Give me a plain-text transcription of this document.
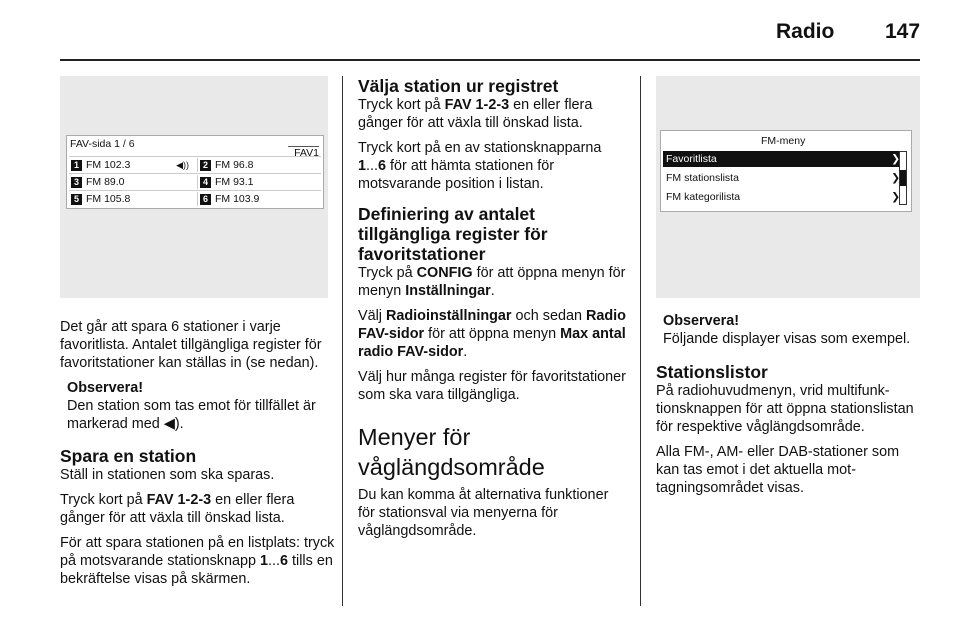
Radio 147
FAV-sida 1 / 6
FAV1
1 FM 102.3	◀))	2 FM 96.8
3 FM 89.0	4 FM 93.1
5 FM 105.8	6 FM 103.9

Det går att spara 6 stationer i varje favoritlista. Antalet tillgängliga register för favoritstationer kan ställas in (se nedan).

Observera!

Den station som tas emot för tillfället är markerad med ◀).

Spara en station

Ställ in stationen som ska sparas.

Tryck kort på FAV 1-2-3 en eller flera gånger för att växla till önskad lista.

För att spara stationen på en listplats: tryck på motsvarande stationsknapp 1...6 tills en bekräftelse visas på skärmen.

Välja station ur registret

Tryck kort på FAV 1-2-3 en eller flera gånger för att växla till önskad lista.

Tryck kort på en av stationsknapparna 1...6 för att hämta stationen för motsvarande position i listan.

Definiering av antalet tillgängliga register för favoritstationer

Tryck på CONFIG för att öppna menyn för menyn Inställningar.

Välj Radioinställningar och sedan Radio FAV-sidor för att öppna menyn Max antal radio FAV-sidor.

Välj hur många register för favoritstationer som ska vara tillgängliga.

Menyer för våglängdsområde

Du kan komma åt alternativa funktioner för stationsval via menyerna för våglängdsområde.

FM-meny
Favoritlista	❯
FM stationslista	❯
FM kategorilista	❯

Observera!

Följande displayer visas som exempel.

Stationslistor

På radiohuvudmenyn, vrid multifunktionsknappen för att öppna stationslistan för respektive våglängdsområde.

Alla FM-, AM- eller DAB-stationer som kan tas emot i det aktuella mottagningsområdet visas.
